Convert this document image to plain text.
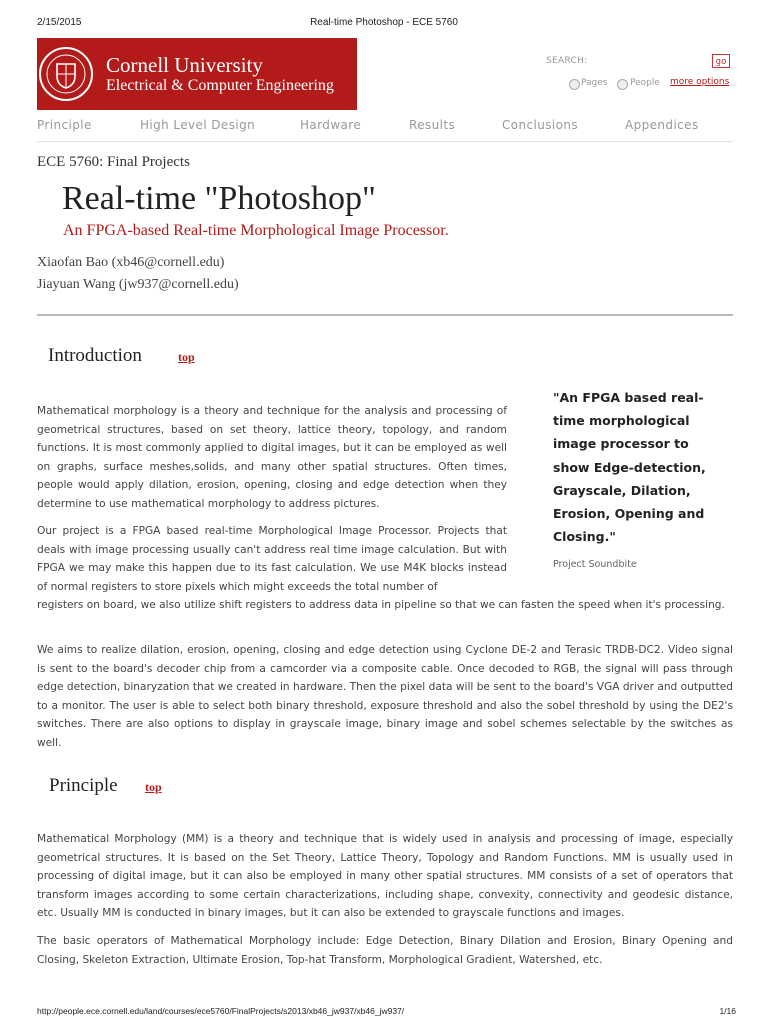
2/15/2015	Real-time Photoshop - ECE 5760
Cornell University
Electrical & Computer Engineering
SEARCH:	go
Pages	People more options
Principle	High Level Design	Hardware	Results	Conclusions	Appendices
ECE 5760: Final Projects
Real-time "Photoshop"
An FPGA-based Real-time Morphological Image Processor.
Xiaofan Bao (xb46@cornell.edu)
Jiayuan Wang (jw937@cornell.edu)
Introduction	top

Mathematical morphology is a theory and technique for the analysis and processing of geometrical structures, based on set theory, lattice theory, topology, and random functions. It is most commonly applied to digital images, but it can be employed as well on graphs, surface meshes,solids, and many other spatial structures. Often times, people would apply dilation, erosion, opening, closing and edge detection when they determine to use mathematical morphology to address pictures.

Our project is a FPGA based real-time Morphological Image Processor. Projects that deals with image processing usually can't address real time image calculation. But with FPGA we may make this happen due to its fast calculation. We use M4K blocks instead of normal registers to store pixels which might exceeds the total number of

registers on board, we also utilize shift registers to address data in pipeline so that we can fasten the speed when it's processing.

We aims to realize dilation, erosion, opening, closing and edge detection using Cyclone DE-2 and Terasic TRDB-DC2. Video signal is sent to the board's decoder chip from a camcorder via a composite cable. Once decoded to RGB, the signal will pass through edge detection, binaryzation that we created in hardware. Then the pixel data will be sent to the board's VGA driver and outputted to a monitor. The user is able to select both binary threshold, exposure threshold and also the sobel threshold by using the DE2's switches. There are also options to display in grayscale image, binary image and sobel schemes selectable by the switches as well.

"An FPGA based real-time morphological image processor to show Edge-detection, Grayscale, Dilation, Erosion, Opening and Closing."
Project Soundbite
Principle top

Mathematical Morphology (MM) is a theory and technique that is widely used in analysis and processing of image, especially geometrical structures. It is based on the Set Theory, Lattice Theory, Topology and Random Functions. MM is usually used in processing of digital image, but it can also be employed in many other spatial structures. MM consists of a set of operators that transform images according to some certain characterizations, including shape, convexity, connectivity and geodesic distance, etc. Usually MM is conducted in binary images, but it can also be extended to grayscale functions and images.

The basic operators of Mathematical Morphology include: Edge Detection, Binary Dilation and Erosion, Binary Opening and Closing, Skeleton Extraction, Ultimate Erosion, Top-hat Transform, Morphological Gradient, Watershed, etc.

http://people.ece.cornell.edu/land/courses/ece5760/FinalProjects/s2013/xb46_jw937/xb46_jw937/	1/16
